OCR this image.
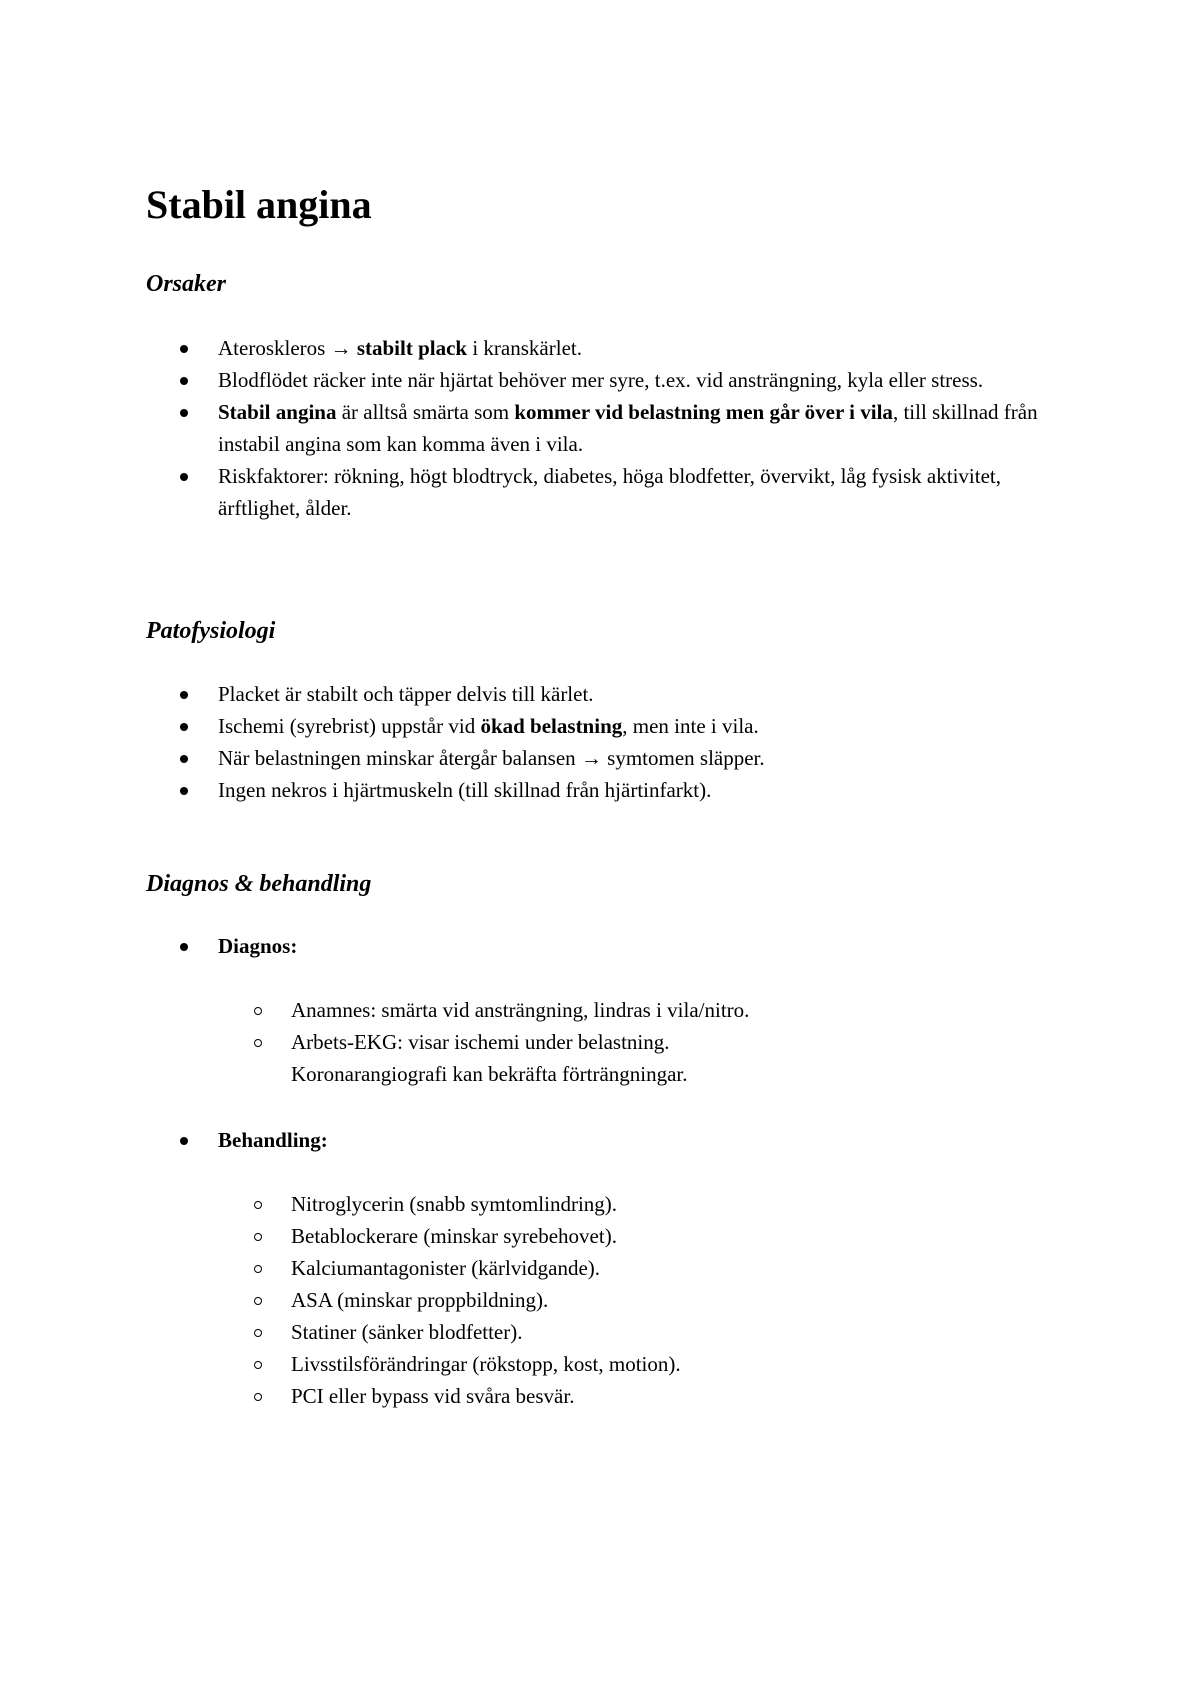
Stabil angina
Orsaker
Ateroskleros → stabilt plack i kranskärlet.
Blodflödet räcker inte när hjärtat behöver mer syre, t.ex. vid ansträngning, kyla eller stress.
Stabil angina är alltså smärta som kommer vid belastning men går över i vila, till skillnad från instabil angina som kan komma även i vila.
Riskfaktorer: rökning, högt blodtryck, diabetes, höga blodfetter, övervikt, låg fysisk aktivitet, ärftlighet, ålder.
Patofysiologi
Placket är stabilt och täpper delvis till kärlet.
Ischemi (syrebrist) uppstår vid ökad belastning, men inte i vila.
När belastningen minskar återgår balansen → symtomen släpper.
Ingen nekros i hjärtmuskeln (till skillnad från hjärtinfarkt).
Diagnos & behandling
Diagnos:
Anamnes: smärta vid ansträngning, lindras i vila/nitro.
Arbets-EKG: visar ischemi under belastning.
Koronarangiografi kan bekräfta förträngningar.
Behandling:
Nitroglycerin (snabb symtomlindring).
Betablockerare (minskar syrebehovet).
Kalciumantagonister (kärlvidgande).
ASA (minskar proppbildning).
Statiner (sänker blodfetter).
Livsstilsförändringar (rökstopp, kost, motion).
PCI eller bypass vid svåra besvär.
